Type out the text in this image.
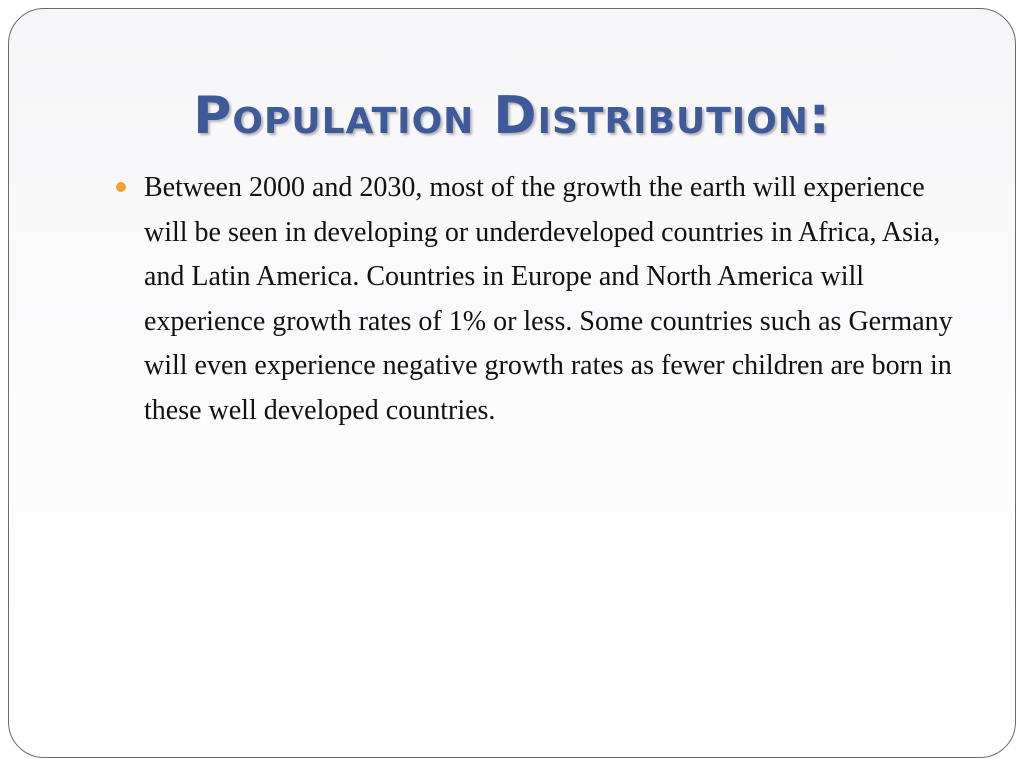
Population Distribution:
Between 2000 and 2030, most of the growth the earth will experience will be seen in developing or underdeveloped countries in Africa, Asia, and Latin America. Countries in Europe and North America will experience growth rates of 1% or less. Some countries such as Germany will even experience negative growth rates as fewer children are born in these well developed countries.
